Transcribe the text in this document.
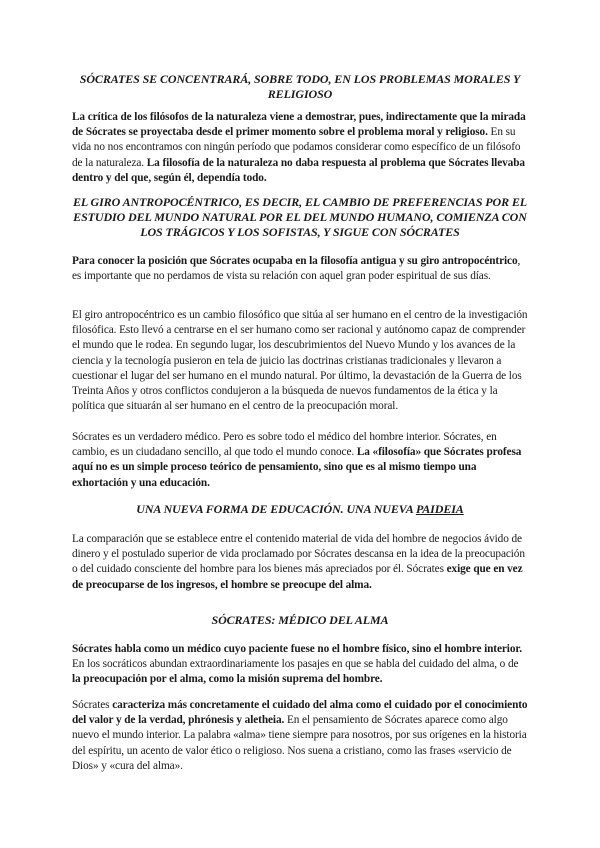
SÓCRATES SE CONCENTRARÁ, SOBRE TODO, EN LOS PROBLEMAS MORALES Y RELIGIOSO

La crítica de los filósofos de la naturaleza viene a demostrar, pues, indirectamente que la mirada de Sócrates se proyectaba desde el primer momento sobre el problema moral y religioso. En su vida no nos encontramos con ningún período que podamos considerar como específico de un filósofo de la naturaleza. La filosofía de la naturaleza no daba respuesta al problema que Sócrates llevaba dentro y del que, según él, dependía todo.

EL GIRO ANTROPOCÉNTRICO, ES DECIR, EL CAMBIO DE PREFERENCIAS POR EL ESTUDIO DEL MUNDO NATURAL POR EL DEL MUNDO HUMANO, COMIENZA CON LOS TRÁGICOS Y LOS SOFISTAS, Y SIGUE CON SÓCRATES

Para conocer la posición que Sócrates ocupaba en la filosofía antigua y su giro antropocéntrico, es importante que no perdamos de vista su relación con aquel gran poder espiritual de sus días.

El giro antropocéntrico es un cambio filosófico que sitúa al ser humano en el centro de la investigación filosófica. Esto llevó a centrarse en el ser humano como ser racional y autónomo capaz de comprender el mundo que le rodea. En segundo lugar, los descubrimientos del Nuevo Mundo y los avances de la ciencia y la tecnología pusieron en tela de juicio las doctrinas cristianas tradicionales y llevaron a cuestionar el lugar del ser humano en el mundo natural. Por último, la devastación de la Guerra de los Treinta Años y otros conflictos condujeron a la búsqueda de nuevos fundamentos de la ética y la política que situarán al ser humano en el centro de la preocupación moral.

Sócrates es un verdadero médico. Pero es sobre todo el médico del hombre interior. Sócrates, en cambio, es un ciudadano sencillo, al que todo el mundo conoce. La «filosofía» que Sócrates profesa aquí no es un simple proceso teórico de pensamiento, sino que es al mismo tiempo una exhortación y una educación.

UNA NUEVA FORMA DE EDUCACIÓN. UNA NUEVA PAIDEIA

La comparación que se establece entre el contenido material de vida del hombre de negocios ávido de dinero y el postulado superior de vida proclamado por Sócrates descansa en la idea de la preocupación o del cuidado consciente del hombre para los bienes más apreciados por él. Sócrates exige que en vez de preocuparse de los ingresos, el hombre se preocupe del alma.

SÓCRATES: MÉDICO DEL ALMA

Sócrates habla como un médico cuyo paciente fuese no el hombre físico, sino el hombre interior. En los socráticos abundan extraordinariamente los pasajes en que se habla del cuidado del alma, o de la preocupación por el alma, como la misión suprema del hombre.

Sócrates caracteriza más concretamente el cuidado del alma como el cuidado por el conocimiento del valor y de la verdad, phrónesis y aletheia. En el pensamiento de Sócrates aparece como algo nuevo el mundo interior. La palabra «alma» tiene siempre para nosotros, por sus orígenes en la historia del espíritu, un acento de valor ético o religioso. Nos suena a cristiano, como las frases «servicio de Dios» y «cura del alma».
